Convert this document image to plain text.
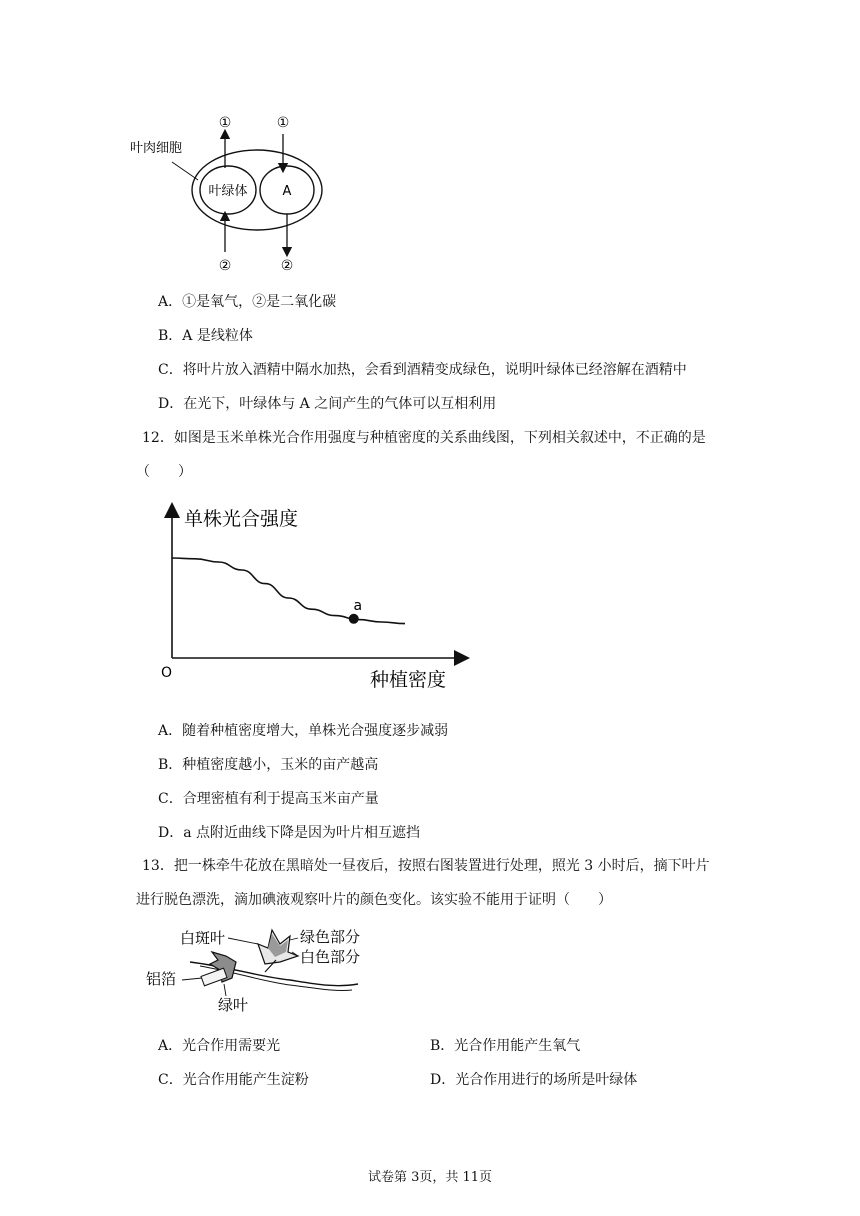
叶肉细胞
叶绿体	A
①	①
②	②
A．①是氧气，②是二氧化碳
B．A 是线粒体
C．将叶片放入酒精中隔水加热，会看到酒精变成绿色，说明叶绿体已经溶解在酒精中
D．在光下，叶绿体与 A 之间产生的气体可以互相利用
12．如图是玉米单株光合作用强度与种植密度的关系曲线图，下列相关叙述中，不正确的是
（　　）
单株光合强度
种植密度
O
a
A．随着种植密度增大，单株光合强度逐步减弱
B．种植密度越小，玉米的亩产越高
C．合理密植有利于提高玉米亩产量
D．a 点附近曲线下降是因为叶片相互遮挡
13．把一株牵牛花放在黑暗处一昼夜后，按照右图装置进行处理，照光 3 小时后，摘下叶片
进行脱色漂洗，滴加碘液观察叶片的颜色变化。该实验不能用于证明（　　）
白斑叶	绿色部分
白色部分
铝箔
绿叶
A．光合作用需要光	B．光合作用能产生氧气
C．光合作用能产生淀粉	D．光合作用进行的场所是叶绿体
试卷第 3页，共 11页
